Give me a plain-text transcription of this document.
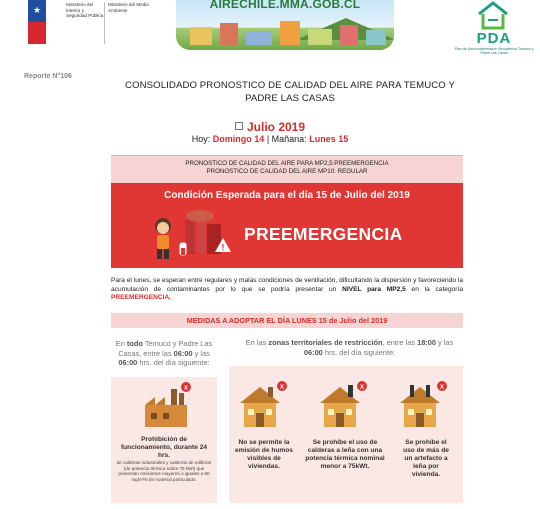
★
Ministerio del Interior y Seguridad Pública
Ministerio del Medio Ambiente	AIRECHILE.MMA.GOB.CL
PDA
Plan de Descontaminación Atmosférica Temuco y Padre Las Casas
Reporte N°106
CONSOLIDADO PRONOSTICO DE CALIDAD DEL AIRE PARA TEMUCO Y PADRE LAS CASAS
Julio 2019
Hoy: Domingo 14 | Mañana: Lunes 15
PRONOSTICO DE CALIDAD DEL AIRE PARA MP2,5:PREEMERGENCIA
PRONOSTICO DE CALIDAD DEL AIRE MP10: REGULAR
Condición Esperada para el día 15 de Julio del 2019
!
PREEMERGENCIA
Para el lunes, se esperan entre regulares y malas condiciones de ventilación, dificultando la dispersión y favoreciendo la acumulación de contaminantes por lo que se podría presentar un NIVEL para MP2,5 en la categoría PREEMERGENCIA.
MEDIDAS A ADOPTAR EL DÍA LUNES 15 de Julio del 2019
En todo Temuco y Padre Las Casas, entre las 06:00 y las 06:00 hrs. del día siguiente:
x
Prohibición de funcionamiento, durante 24 hrs.
de calderas industriales y calderas de edificios (de potencia térmica sobre 75 kWt) que presentan emisiones mayores o iguales a 50 mg/m³N de material particulado.
En las zonas territoriales de restricción, entre las 18:00 y las 06:00 hrs. del día siguiente:
x	x	x
No se permite la emisión de humos visibles de viviendas.
Se prohíbe el uso de calderas a leña con una potencia térmica nominal menor a 75kWt.
Se prohíbe el uso de más de un artefacto a leña por vivienda.
